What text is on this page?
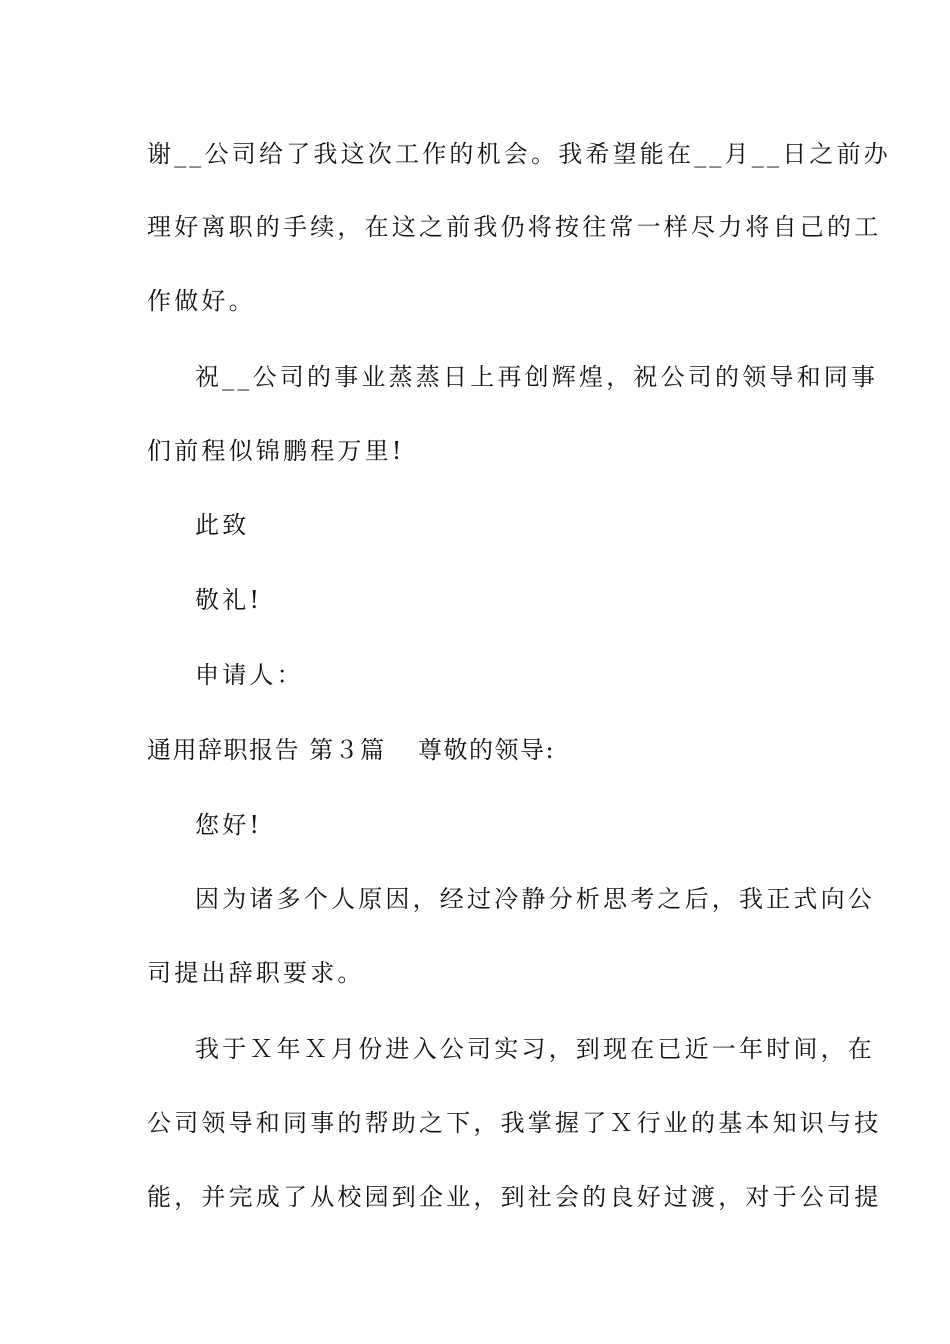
谢__公司给了我这次工作的机会。我希望能在__月__日之前办
理好离职的手续，在这之前我仍将按往常一样尽力将自己的工
作做好。
祝__公司的事业蒸蒸日上再创辉煌，祝公司的领导和同事
们前程似锦鹏程万里!
此致
敬礼!
申请人：
通用辞职报告 第３篇 尊敬的领导:
您好!
因为诸多个人原因，经过冷静分析思考之后，我正式向公
司提出辞职要求。
我于Ｘ年Ｘ月份进入公司实习，到现在已近一年时间，在
公司领导和同事的帮助之下，我掌握了Ｘ行业的基本知识与技
能，并完成了从校园到企业，到社会的良好过渡，对于公司提
